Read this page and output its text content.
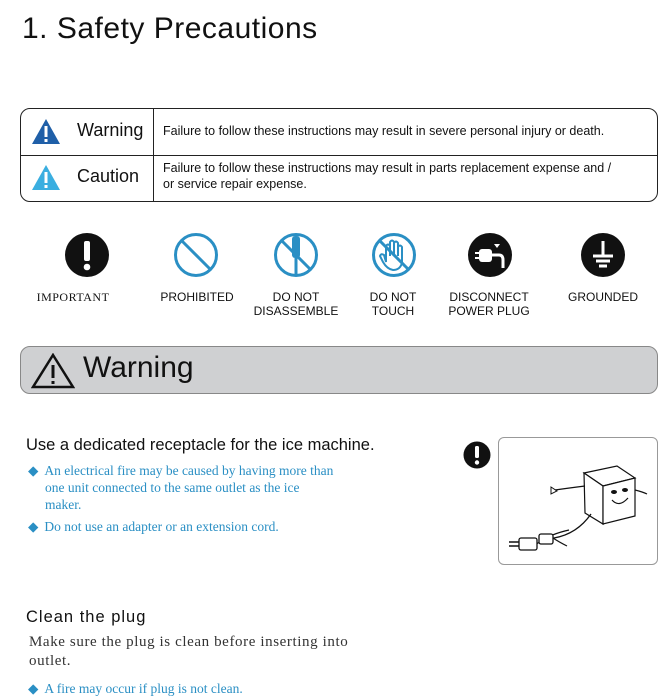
1. Safety Precautions
Warning Failure to follow these instructions may result in severe personal injury or death.
Caution Failure to follow these instructions may result in parts replacement expense and /
or service repair expense.
IMPORTANT	PROHIBITED	DO NOT
DISASSEMBLE
DO NOT
TOUCH
DISCONNECT
POWER PLUG
GROUNDED
Warning
Use a dedicated receptacle for the ice machine.
◆ An electrical fire may be caused by having more than
one unit connected to the same outlet as the ice
maker.
◆ Do not use an adapter or an extension cord.
Clean the plug
Make sure the plug is clean before inserting into
outlet.
◆ A fire may occur if plug is not clean.
